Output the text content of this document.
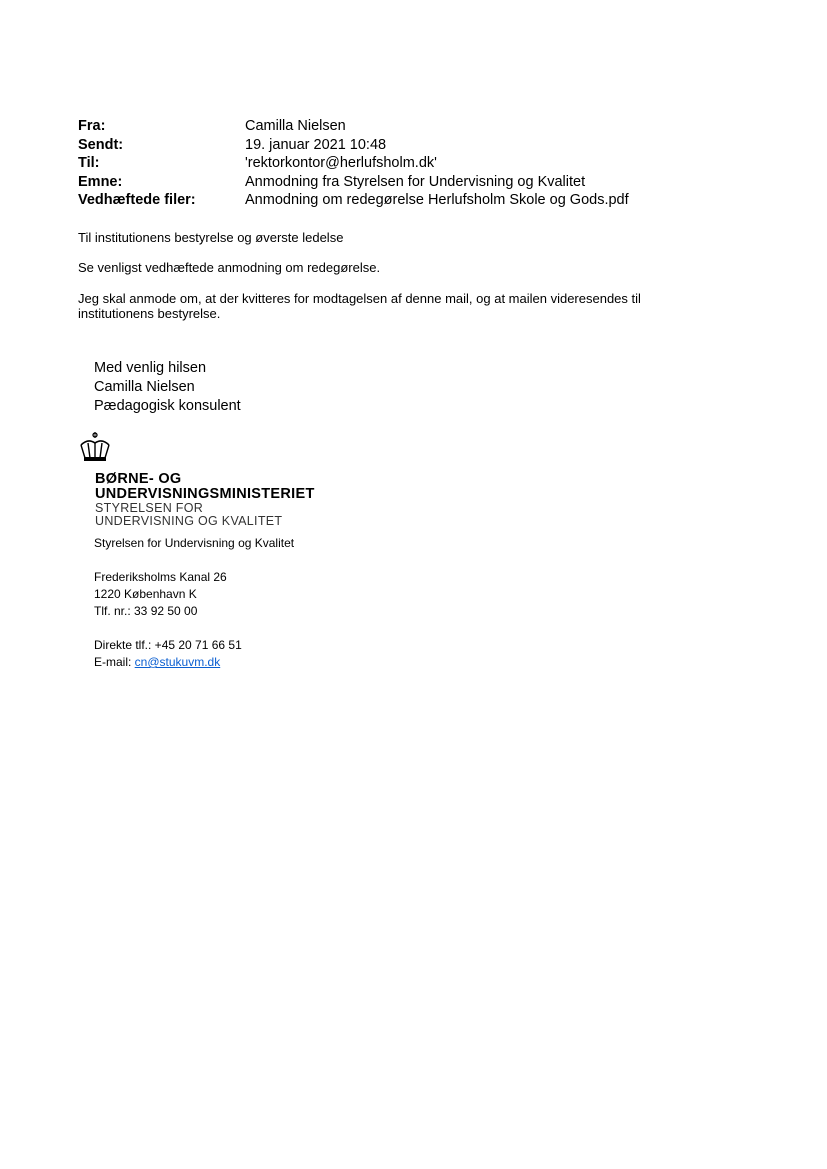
Fra:	Camilla Nielsen
Sendt:	19. januar 2021 10:48
Til:	'rektorkontor@herlufsholm.dk'
Emne:	Anmodning fra Styrelsen for Undervisning og Kvalitet
Vedhæftede filer:	Anmodning om redegørelse Herlufsholm Skole og Gods.pdf
Til institutionens bestyrelse og øverste ledelse
Se venligst vedhæftede anmodning om redegørelse.
Jeg skal anmode om, at der kvitteres for modtagelsen af denne mail, og at mailen videresendes til
institutionens bestyrelse.
Med venlig hilsen
Camilla Nielsen
Pædagogisk konsulent
BØRNE- OG
UNDERVISNINGSMINISTERIET
STYRELSEN FOR
UNDERVISNING OG KVALITET
Styrelsen for Undervisning og Kvalitet
Frederiksholms Kanal 26
1220 København K
Tlf. nr.: 33 92 50 00
Direkte tlf.: +45 20 71 66 51
E-mail: cn@stukuvm.dk
